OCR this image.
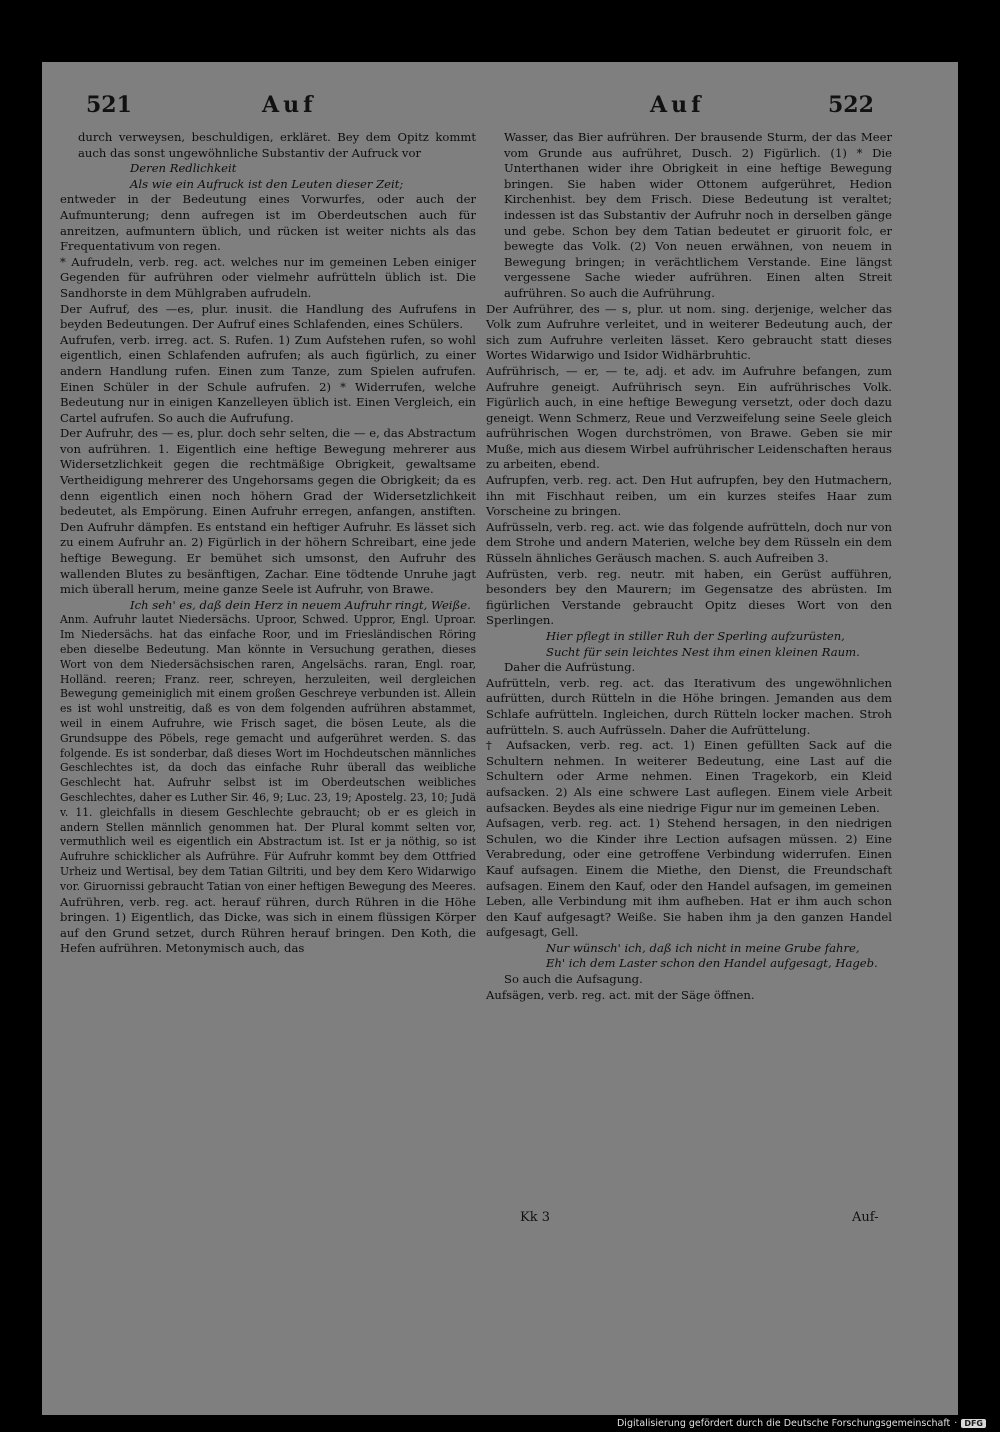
521	Auf	Auf	522

durch verweysen, beschuldigen, erkläret. Bey dem Opitz kommt auch das sonst ungewöhnliche Substantiv der Aufruck vor

Deren Redlichkeit

Als wie ein Aufruck ist den Leuten dieser Zeit;

entweder in der Bedeutung eines Vorwurfes, oder auch der Aufmunterung; denn aufregen ist im Oberdeutschen auch für anreitzen, aufmuntern üblich, und rücken ist weiter nichts als das Frequentativum von regen.

* Aufrudeln, verb. reg. act. welches nur im gemeinen Leben einiger Gegenden für aufrühren oder vielmehr aufrütteln üblich ist. Die Sandhorste in dem Mühlgraben aufrudeln.

Der Aufruf, des —es, plur. inusit. die Handlung des Aufrufens in beyden Bedeutungen. Der Aufruf eines Schlafenden, eines Schülers.

Aufrufen, verb. irreg. act. S. Rufen. 1) Zum Aufstehen rufen, so wohl eigentlich, einen Schlafenden aufrufen; als auch figürlich, zu einer andern Handlung rufen. Einen zum Tanze, zum Spielen aufrufen. Einen Schüler in der Schule aufrufen. 2) * Widerrufen, welche Bedeutung nur in einigen Kanzelleyen üblich ist. Einen Vergleich, ein Cartel aufrufen. So auch die Aufrufung.

Der Aufruhr, des — es, plur. doch sehr selten, die — e, das Abstractum von aufrühren. 1. Eigentlich eine heftige Bewegung mehrerer aus Widersetzlichkeit gegen die rechtmäßige Obrigkeit, gewaltsame Vertheidigung mehrerer des Ungehorsams gegen die Obrigkeit; da es denn eigentlich einen noch höhern Grad der Widersetzlichkeit bedeutet, als Empörung. Einen Aufruhr erregen, anfangen, anstiften. Den Aufruhr dämpfen. Es entstand ein heftiger Aufruhr. Es lässet sich zu einem Aufruhr an. 2) Figürlich in der höhern Schreibart, eine jede heftige Bewegung. Er bemühet sich umsonst, den Aufruhr des wallenden Blutes zu besänftigen, Zachar. Eine tödtende Unruhe jagt mich überall herum, meine ganze Seele ist Aufruhr, von Brawe.

Ich seh' es, daß dein Herz in neuem Aufruhr ringt, Weiße.

Anm. Aufruhr lautet Niedersächs. Uproor, Schwed. Uppror, Engl. Uproar. Im Niedersächs. hat das einfache Roor, und im Friesländischen Röring eben dieselbe Bedeutung. Man könnte in Versuchung gerathen, dieses Wort von dem Niedersächsischen raren, Angelsächs. raran, Engl. roar, Holländ. reeren; Franz. reer, schreyen, herzuleiten, weil dergleichen Bewegung gemeiniglich mit einem großen Geschreye verbunden ist. Allein es ist wohl unstreitig, daß es von dem folgenden aufrühren abstammet, weil in einem Aufruhre, wie Frisch saget, die bösen Leute, als die Grundsuppe des Pöbels, rege gemacht und aufgerühret werden. S. das folgende. Es ist sonderbar, daß dieses Wort im Hochdeutschen männliches Geschlechtes ist, da doch das einfache Ruhr überall das weibliche Geschlecht hat. Aufruhr selbst ist im Oberdeutschen weibliches Geschlechtes, daher es Luther Sir. 46, 9; Luc. 23, 19; Apostelg. 23, 10; Judä v. 11. gleichfalls in diesem Geschlechte gebraucht; ob er es gleich in andern Stellen männlich genommen hat. Der Plural kommt selten vor, vermuthlich weil es eigentlich ein Abstractum ist. Ist er ja nöthig, so ist Aufruhre schicklicher als Aufrühre. Für Aufruhr kommt bey dem Ottfried Urheiz und Wertisal, bey dem Tatian Giltriti, und bey dem Kero Widarwigo vor. Giruornissi gebraucht Tatian von einer heftigen Bewegung des Meeres.

Aufrühren, verb. reg. act. herauf rühren, durch Rühren in die Höhe bringen. 1) Eigentlich, das Dicke, was sich in einem flüssigen Körper auf den Grund setzet, durch Rühren herauf bringen. Den Koth, die Hefen aufrühren. Metonymisch auch, das

Wasser, das Bier aufrühren. Der brausende Sturm, der das Meer vom Grunde aus aufrühret, Dusch. 2) Figürlich. (1) * Die Unterthanen wider ihre Obrigkeit in eine heftige Bewegung bringen. Sie haben wider Ottonem aufgerühret, Hedion Kirchenhist. bey dem Frisch. Diese Bedeutung ist veraltet; indessen ist das Substantiv der Aufruhr noch in derselben gänge und gebe. Schon bey dem Tatian bedeutet er giruorit folc, er bewegte das Volk. (2) Von neuen erwähnen, von neuem in Bewegung bringen; in verächtlichem Verstande. Eine längst vergessene Sache wieder aufrühren. Einen alten Streit aufrühren. So auch die Aufrührung.

Der Aufrührer, des — s, plur. ut nom. sing. derjenige, welcher das Volk zum Aufruhre verleitet, und in weiterer Bedeutung auch, der sich zum Aufruhre verleiten lässet. Kero gebraucht statt dieses Wortes Widarwigo und Isidor Widhärbruhtic.

Aufrührisch, — er, — te, adj. et adv. im Aufruhre befangen, zum Aufruhre geneigt. Aufrührisch seyn. Ein aufrührisches Volk. Figürlich auch, in eine heftige Bewegung versetzt, oder doch dazu geneigt. Wenn Schmerz, Reue und Verzweifelung seine Seele gleich aufrührischen Wogen durchströmen, von Brawe. Geben sie mir Muße, mich aus diesem Wirbel aufrührischer Leidenschaften heraus zu arbeiten, ebend.

Aufrupfen, verb. reg. act. Den Hut aufrupfen, bey den Hutmachern, ihn mit Fischhaut reiben, um ein kurzes steifes Haar zum Vorscheine zu bringen.

Aufrüsseln, verb. reg. act. wie das folgende aufrütteln, doch nur von dem Strohe und andern Materien, welche bey dem Rüsseln ein dem Rüsseln ähnliches Geräusch machen. S. auch Aufreiben 3.

Aufrüsten, verb. reg. neutr. mit haben, ein Gerüst aufführen, besonders bey den Maurern; im Gegensatze des abrüsten. Im figürlichen Verstande gebraucht Opitz dieses Wort von den Sperlingen.

Hier pflegt in stiller Ruh der Sperling aufzurüsten,

Sucht für sein leichtes Nest ihm einen kleinen Raum.

Daher die Aufrüstung.

Aufrütteln, verb. reg. act. das Iterativum des ungewöhnlichen aufrütten, durch Rütteln in die Höhe bringen. Jemanden aus dem Schlafe aufrütteln. Ingleichen, durch Rütteln locker machen. Stroh aufrütteln. S. auch Aufrüsseln. Daher die Aufrüttelung.

† Aufsacken, verb. reg. act. 1) Einen gefüllten Sack auf die Schultern nehmen. In weiterer Bedeutung, eine Last auf die Schultern oder Arme nehmen. Einen Tragekorb, ein Kleid aufsacken. 2) Als eine schwere Last auflegen. Einem viele Arbeit aufsacken. Beydes als eine niedrige Figur nur im gemeinen Leben.

Aufsagen, verb. reg. act. 1) Stehend hersagen, in den niedrigen Schulen, wo die Kinder ihre Lection aufsagen müssen. 2) Eine Verabredung, oder eine getroffene Verbindung widerrufen. Einen Kauf aufsagen. Einem die Miethe, den Dienst, die Freundschaft aufsagen. Einem den Kauf, oder den Handel aufsagen, im gemeinen Leben, alle Verbindung mit ihm aufheben. Hat er ihm auch schon den Kauf aufgesagt? Weiße. Sie haben ihm ja den ganzen Handel aufgesagt, Gell.

Nur wünsch' ich, daß ich nicht in meine Grube fahre,

Eh' ich dem Laster schon den Handel aufgesagt, Hageb.

So auch die Aufsagung.

Aufsägen, verb. reg. act. mit der Säge öffnen.

Kk 3	Auf-
Digitalisierung gefördert durch die Deutsche Forschungsgemeinschaft · DFG
